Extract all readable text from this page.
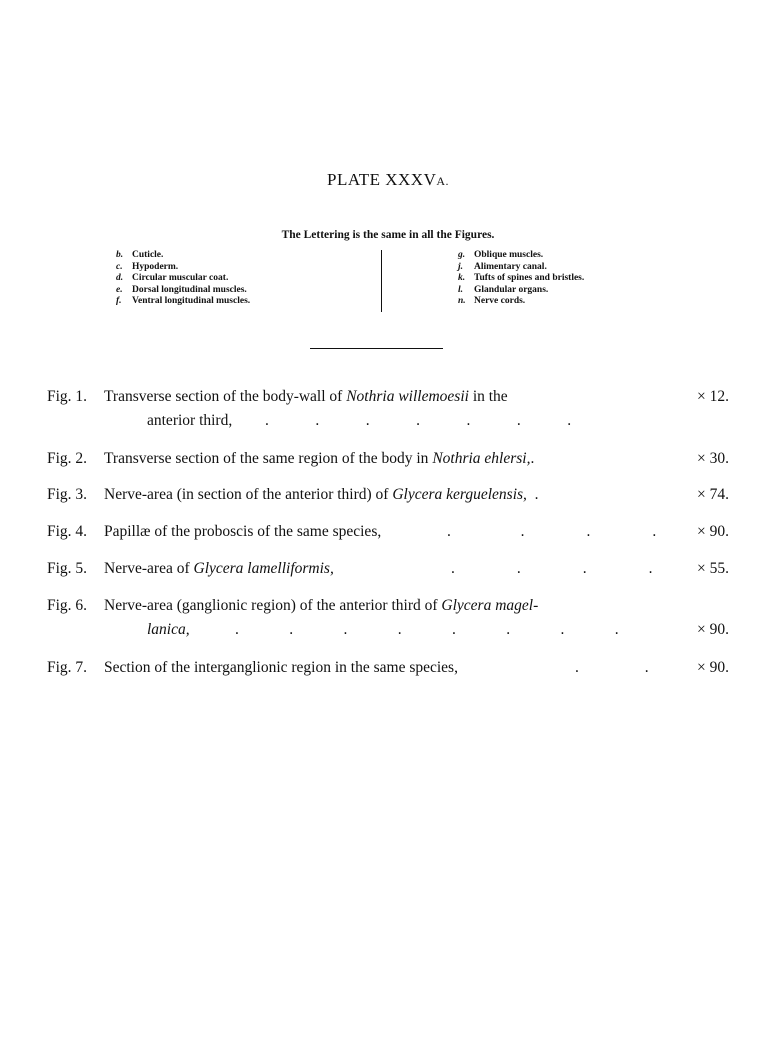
PLATE XXXVA.
The Lettering is the same in all the Figures.
b. Cuticle.
c. Hypoderm.
d. Circular muscular coat.
e. Dorsal longitudinal muscles.
f. Ventral longitudinal muscles.
g. Oblique muscles.
j. Alimentary canal.
k. Tufts of spines and bristles.
l. Glandular organs.
n. Nerve cords.
Fig. 1. Transverse section of the body-wall of Nothria willemoesii in the
anterior third, .            .            .            .            .            .            .
× 12.
Fig. 2. Transverse section of the same region of the body in Nothria ehlersi,.	× 30.
Fig. 3. Nerve-area (in section of the anterior third) of Glycera kerguelensis,  .	× 74.
Fig. 4. Papillæ of the proboscis of the same species,	.                  .                .                .	× 90.
Fig. 5. Nerve-area of Glycera lamelliformis,	.                .                .                .	× 55.
Fig. 6. Nerve-area (ganglionic region) of the anterior third of Glycera magel-
lanica,	.             .             .             .             .             .             .             .	× 90.
Fig. 7. Section of the interganglionic region in the same species,	.                 .	× 90.
